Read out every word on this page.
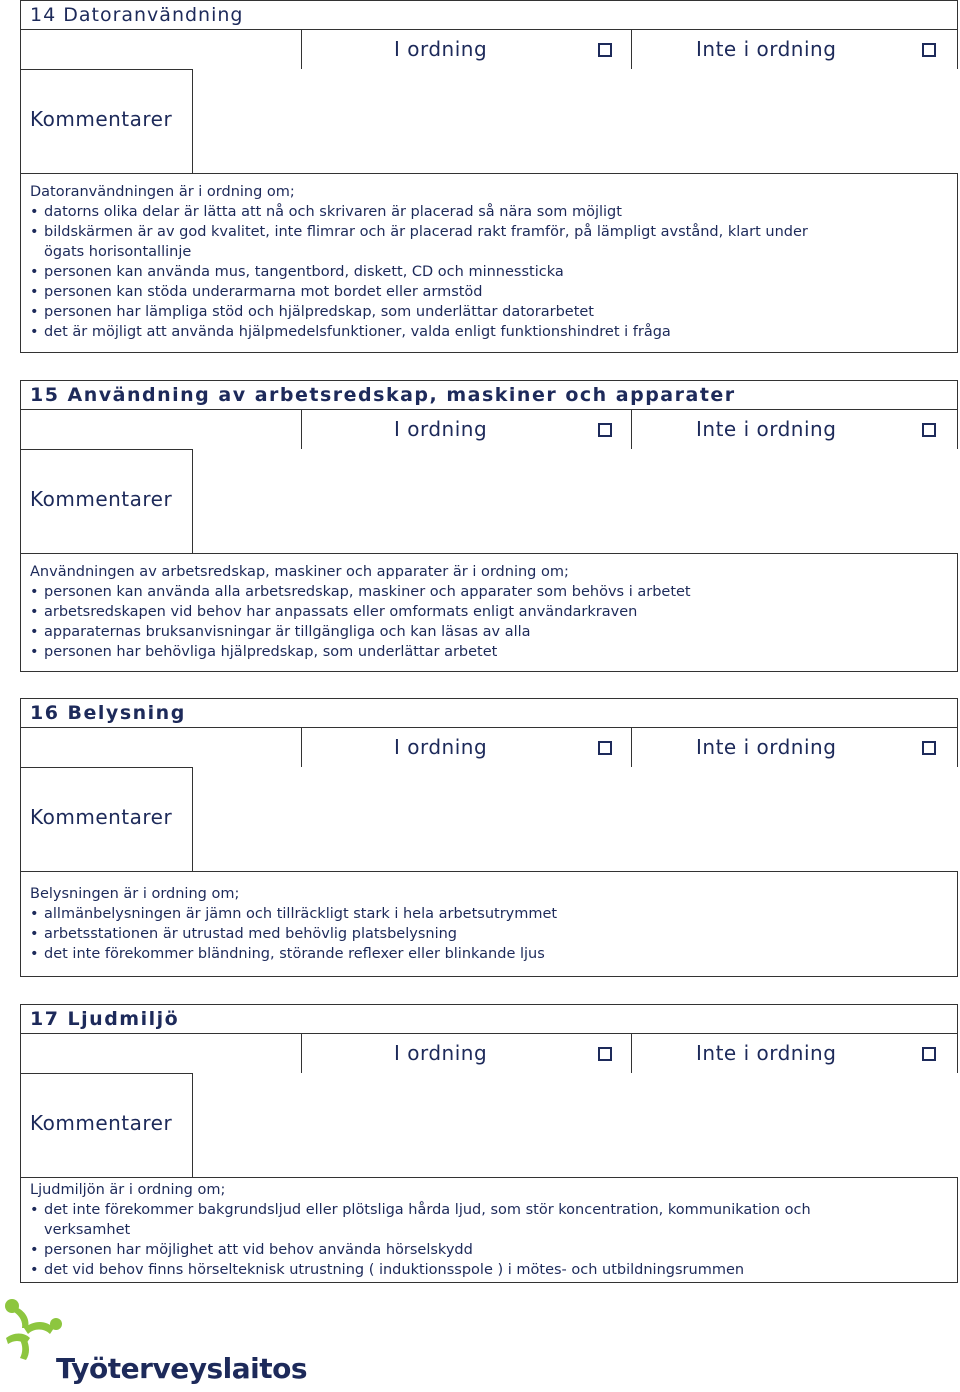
14 Datoranvändning
I ordning	Inte i ordning
Kommentarer
Datoranvändningen är i ordning om;
• datorns olika delar är lätta att nå och skrivaren är placerad så nära som möjligt
• bildskärmen är av god kvalitet, inte flimrar och är placerad rakt framför, på lämpligt avstånd, klart under ögats horisontallinje
• personen kan använda mus, tangentbord, diskett, CD och minnessticka
• personen kan stöda underarmarna mot bordet eller armstöd
• personen har lämpliga stöd och hjälpredskap, som underlättar datorarbetet
• det är möjligt att använda hjälpmedelsfunktioner, valda enligt funktionshindret i fråga
15 Användning av arbetsredskap, maskiner och apparater
I ordning	Inte i ordning
Kommentarer
Användningen av arbetsredskap, maskiner och apparater är i ordning om;
• personen kan använda alla arbetsredskap, maskiner och apparater som behövs i arbetet
• arbetsredskapen vid behov har anpassats eller omformats enligt användarkraven
• apparaternas bruksanvisningar är tillgängliga och kan läsas av alla
• personen har behövliga hjälpredskap, som underlättar arbetet
16 Belysning
I ordning	Inte i ordning
Kommentarer
Belysningen är i ordning om;
• allmänbelysningen är jämn och tillräckligt stark i hela arbetsutrymmet
• arbetsstationen är utrustad med behövlig platsbelysning
• det inte förekommer bländning, störande reflexer eller blinkande ljus
17 Ljudmiljö
I ordning	Inte i ordning
Kommentarer
Ljudmiljön är i ordning om;
• det inte förekommer bakgrundsljud eller plötsliga hårda ljud, som stör koncentration, kommunikation och verksamhet
• personen har möjlighet att vid behov använda hörselskydd
• det vid behov finns hörselteknisk utrustning ( induktionsspole ) i mötes- och utbildningsrummen
Työterveyslaitos
